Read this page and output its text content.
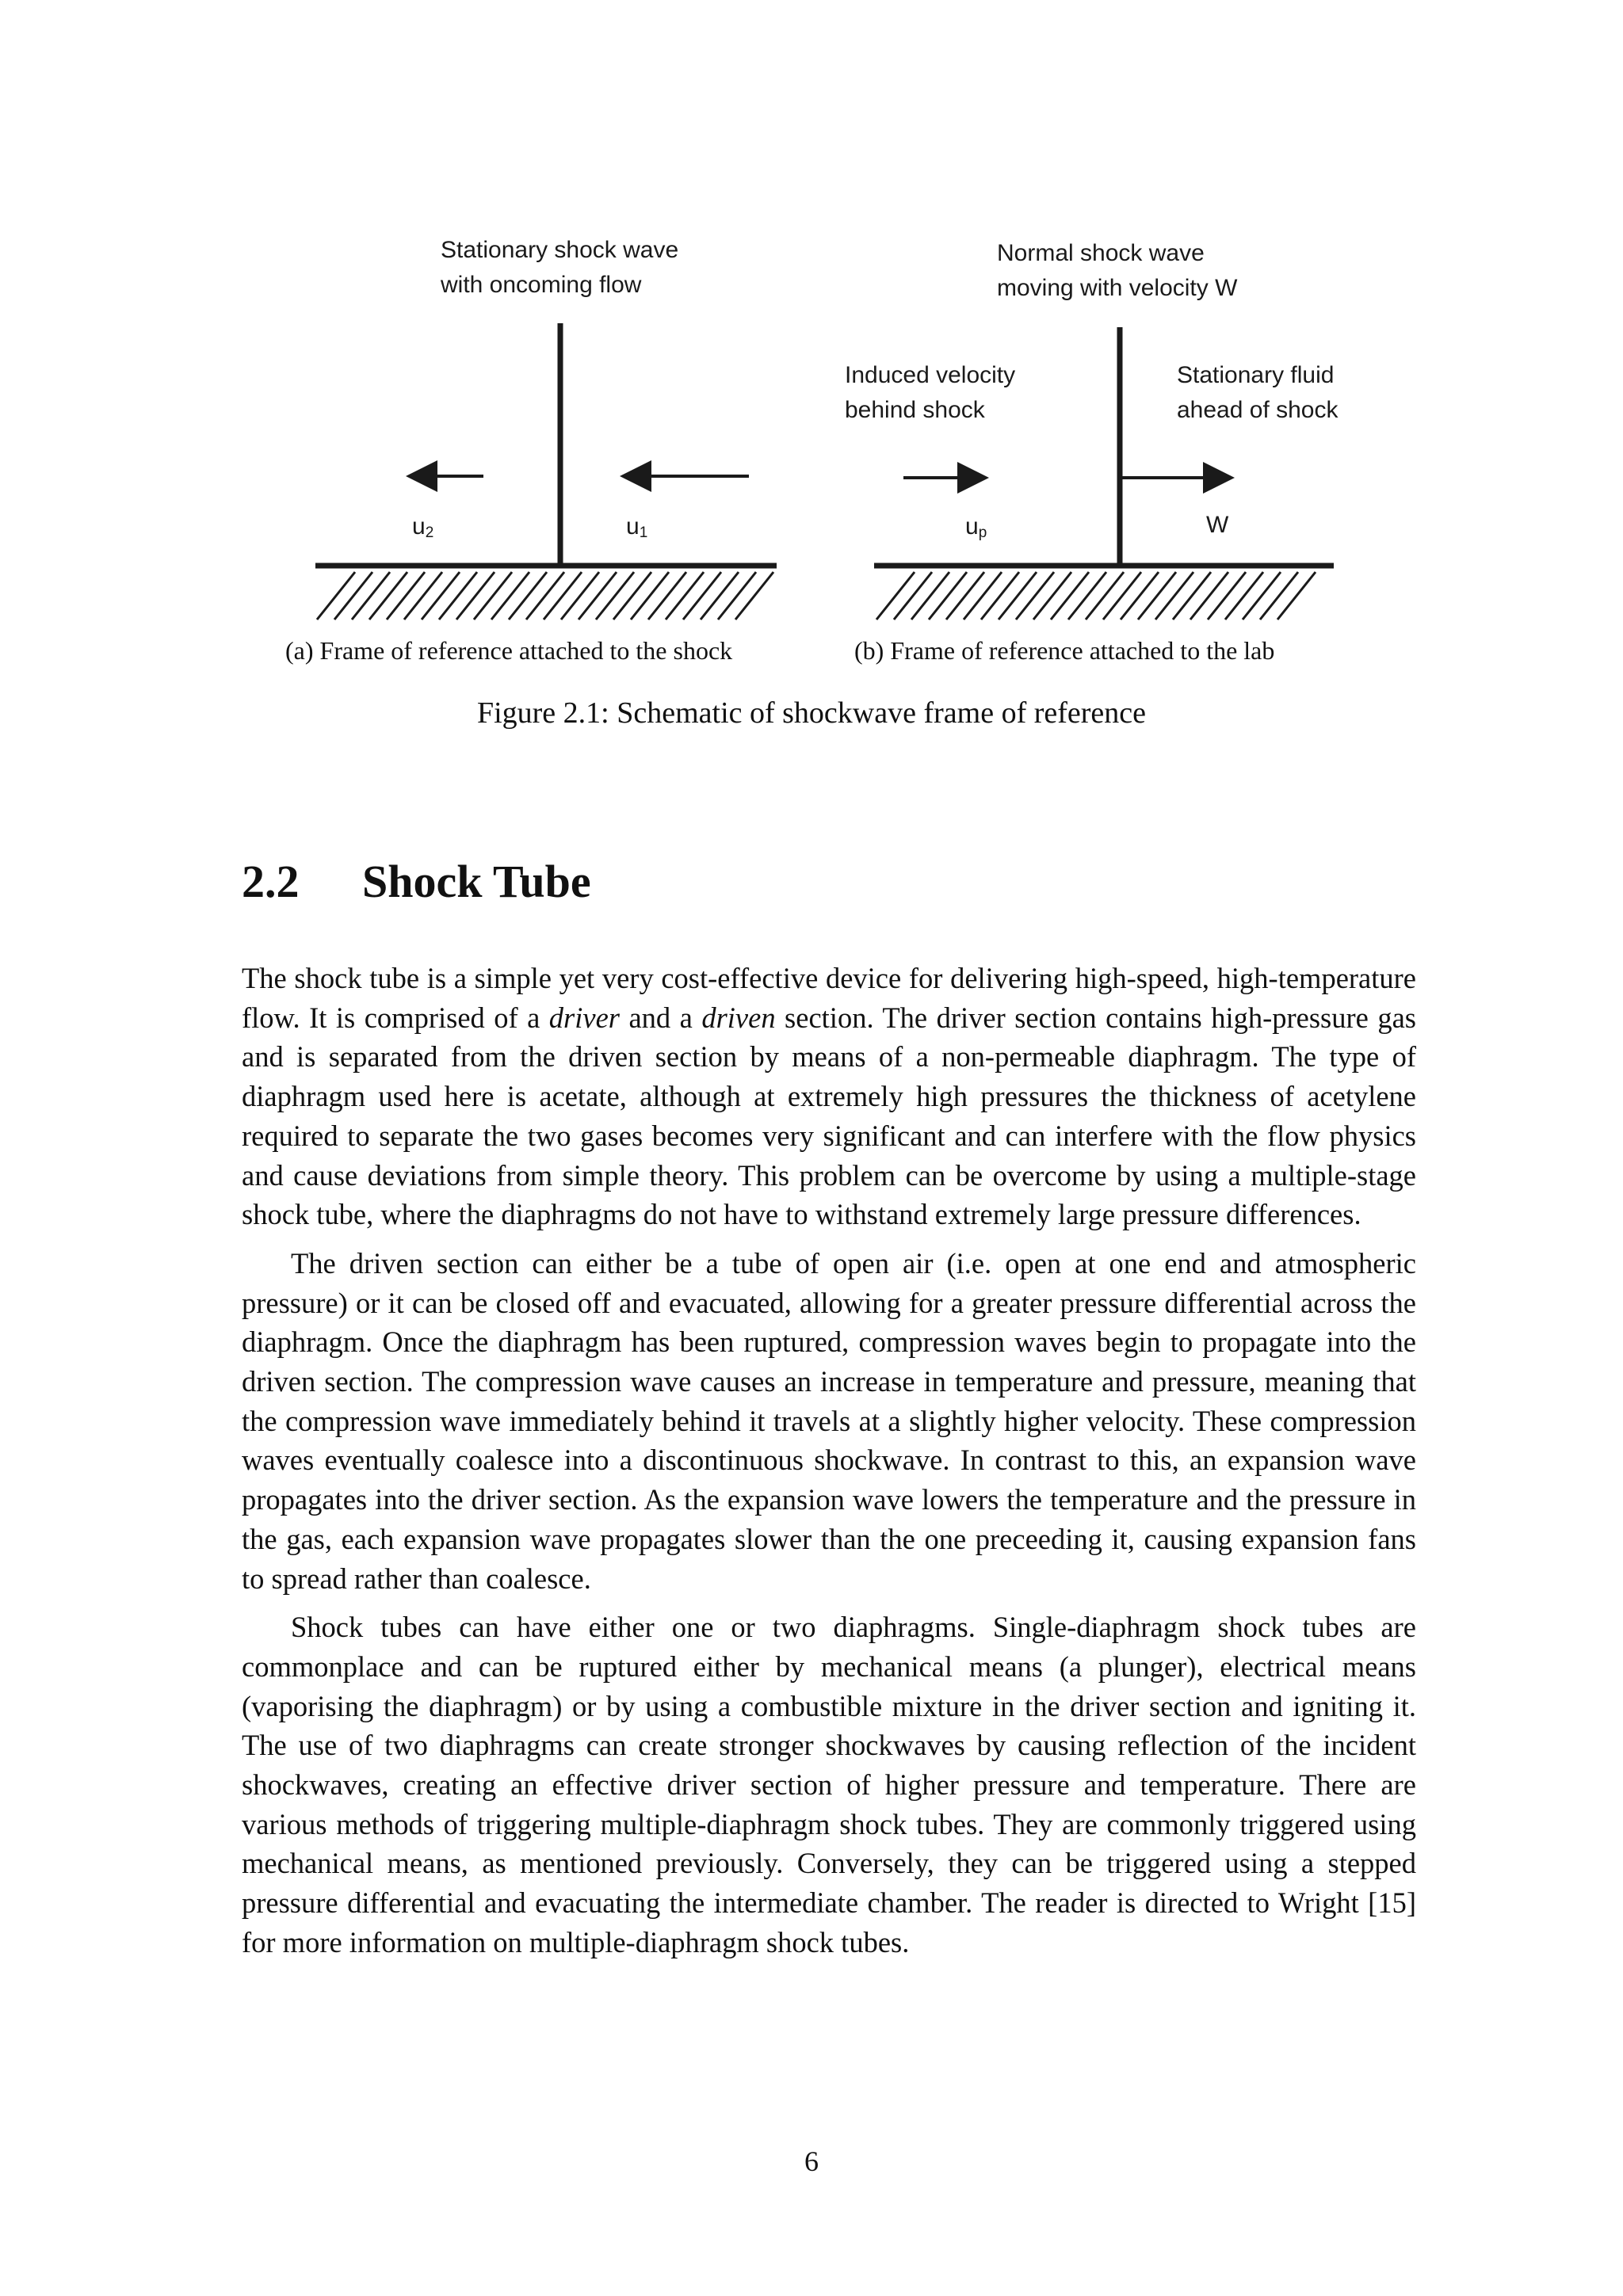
Stationary shock wave
with oncoming flow
$u_2$	$u_1$
Normal shock wave
moving with velocity W
Induced velocity
behind shock
Stationary fluid
ahead of shock
$u_p$	W
(a) Frame of reference attached to the shock	(b) Frame of reference attached to the lab
Figure 2.1: Schematic of shockwave frame of reference
2.2 Shock Tube

The shock tube is a simple yet very cost-effective device for delivering high-speed, high-temperature flow. It is comprised of a driver and a driven section. The driver section contains high-pressure gas and is separated from the driven section by means of a non-permeable diaphragm. The type of diaphragm used here is acetate, although at extremely high pressures the thickness of acetylene required to separate the two gases becomes very significant and can interfere with the flow physics and cause deviations from simple theory. This problem can be overcome by using a multiple-stage shock tube, where the diaphragms do not have to withstand extremely large pressure differences.

The driven section can either be a tube of open air (i.e. open at one end and atmospheric pressure) or it can be closed off and evacuated, allowing for a greater pressure differential across the diaphragm. Once the diaphragm has been ruptured, compression waves begin to propagate into the driven section. The compression wave causes an increase in temperature and pressure, meaning that the compression wave immediately behind it travels at a slightly higher velocity. These compression waves eventually coalesce into a discontinuous shockwave. In contrast to this, an expansion wave propagates into the driver section. As the expansion wave lowers the temperature and the pressure in the gas, each expansion wave propagates slower than the one preceeding it, causing expansion fans to spread rather than coalesce.

Shock tubes can have either one or two diaphragms. Single-diaphragm shock tubes are commonplace and can be ruptured either by mechanical means (a plunger), electrical means (vaporising the diaphragm) or by using a combustible mixture in the driver section and igniting it. The use of two diaphragms can create stronger shockwaves by causing reflection of the incident shockwaves, creating an effective driver section of higher pressure and temperature. There are various methods of triggering multiple-diaphragm shock tubes. They are commonly triggered using mechanical means, as mentioned previously. Conversely, they can be triggered using a stepped pressure differential and evacuating the intermediate chamber. The reader is directed to Wright [15] for more information on multiple-diaphragm shock tubes.

6
